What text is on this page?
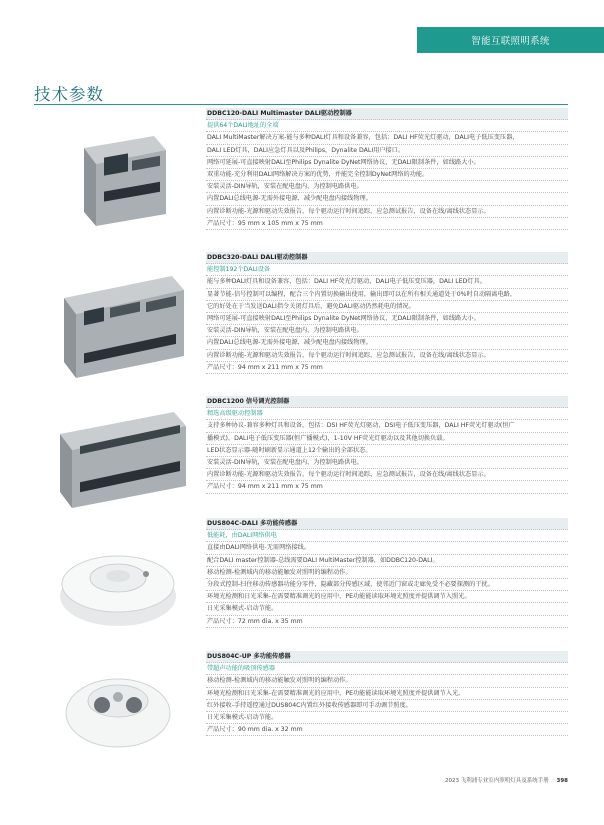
智能互联照明系统
技术参数
DDBC120-DALI Multimaster DALI驱动控制器
提供64个DALI地址的全端
DALI MultiMaster解决方案-能与多种DALI灯具和设备兼容，包括：DALI HF荧光灯驱动，DALI电子低压变压器，
DALI LED灯具，DALI应急灯具以及Philips，Dynalite DALI用户接口。
网络可延展-可直接映射DALI至Philips Dynalite DyNet网络协议，无DALI限制条件，如线路大小。
双重功能-充分利用DALI网络解决方案的优势，并能完全控制DyNet网络的功能。
安装灵活-DIN导轨，安装在配电盘内，为控制电路供电。
内置DALI总线电源-无需外接电源，减少配电盘内接线物理。
内置诊断功能-光源和驱动失效报告，每个驱动运行时间追踪，应急测试报告，设备在线/离线状态显示。
产品尺寸：95 mm x 105 mm x 75 mm
DDBC320-DALI DALI驱动控制器
能控制192个DALI设备
能与多种DALI灯具和设备兼容，包括：DALI HF荧光灯驱动，DALI电子低压变压器，DALI LED灯具。
显著节能-信号控制可以编程，配合三个内置切换输出使用，输出即可以在所有相关通道处于0%时自动隔离电路，
它的好处在于当发送DALI指令关闭灯具后，避免DALI驱动仍然耗电的情况。
网络可延展-可直接映射DALI至Philips Dynalite DyNet网络协议，无DALI限制条件，如线路大小。
安装灵活-DIN导轨，安装在配电盘内，为控制电路供电。
内置DALI总线电源-无需外接电源，减少配电盘内接线物理。
内置诊断功能-光源和驱动失效报告，每个驱动运行时间追踪，应急测试报告，设备在线/离线状态显示。
产品尺寸：94 mm x 211 mm x 75 mm
DDBC1200 信号调光控制器
精选高级驱动控制器
支持多种协议-兼容多种灯具和设备，包括：DSI HF荧光灯驱动，DSI电子低压变压器，DALI HF荧光灯驱动(恒广
播模式)，DALI电子低压变压器(恒广播模式)，1-10V HF荧光灯驱动以及其他切换负载。
LED状态显示器-随时刷新显示通道上12个输出的全部状态。
安装灵活-DIN导轨，安装在配电盘内，为控制电路供电。
内置诊断功能-光源和驱动失效报告，每个驱动运行时间追踪，应急测试报告，设备在线/离线状态显示。
产品尺寸：94 mm x 211 mm x 75 mm
DUS804C-DALI 多功能传感器
低能耗，由DALI网络供电
直接由DALI网络供电-无需网络接线。
配合DALI master控制器-总线需要DALI MultiMaster控制器，如DDBC120-DALI。
移动检测-检测域内的移动能触发对照明的编程动作。
分段式控制-扫住移动传感器功能分零件，隐藏部分传感区域，使邻近门窗或走廊免受不必要探测的干扰。
环境光检测和日光采集-在需要精准调光的应用中，PE功能能读取环境光照度并提供调节入照光。
日光采集模式-启动节能。
产品尺寸：72 mm dia. x 35 mm
DUS804C-UP 多功能传感器
带超声功能的吸顶传感器
移动检测-检测域内的移动能触发对照明的编程动作。
环境光检测和日光采集-在需要精准调光的应用中，PE功能能读取环境光照度并提供调节入光。
红外接收-手持遥控通过DUS804C内置红外接收传感器即可手动调节照度。
日光采集模式-启动节能。
产品尺寸：90 mm dia. x 32 mm
2023 飞利浦专业室内照明灯具及系统手册 398
